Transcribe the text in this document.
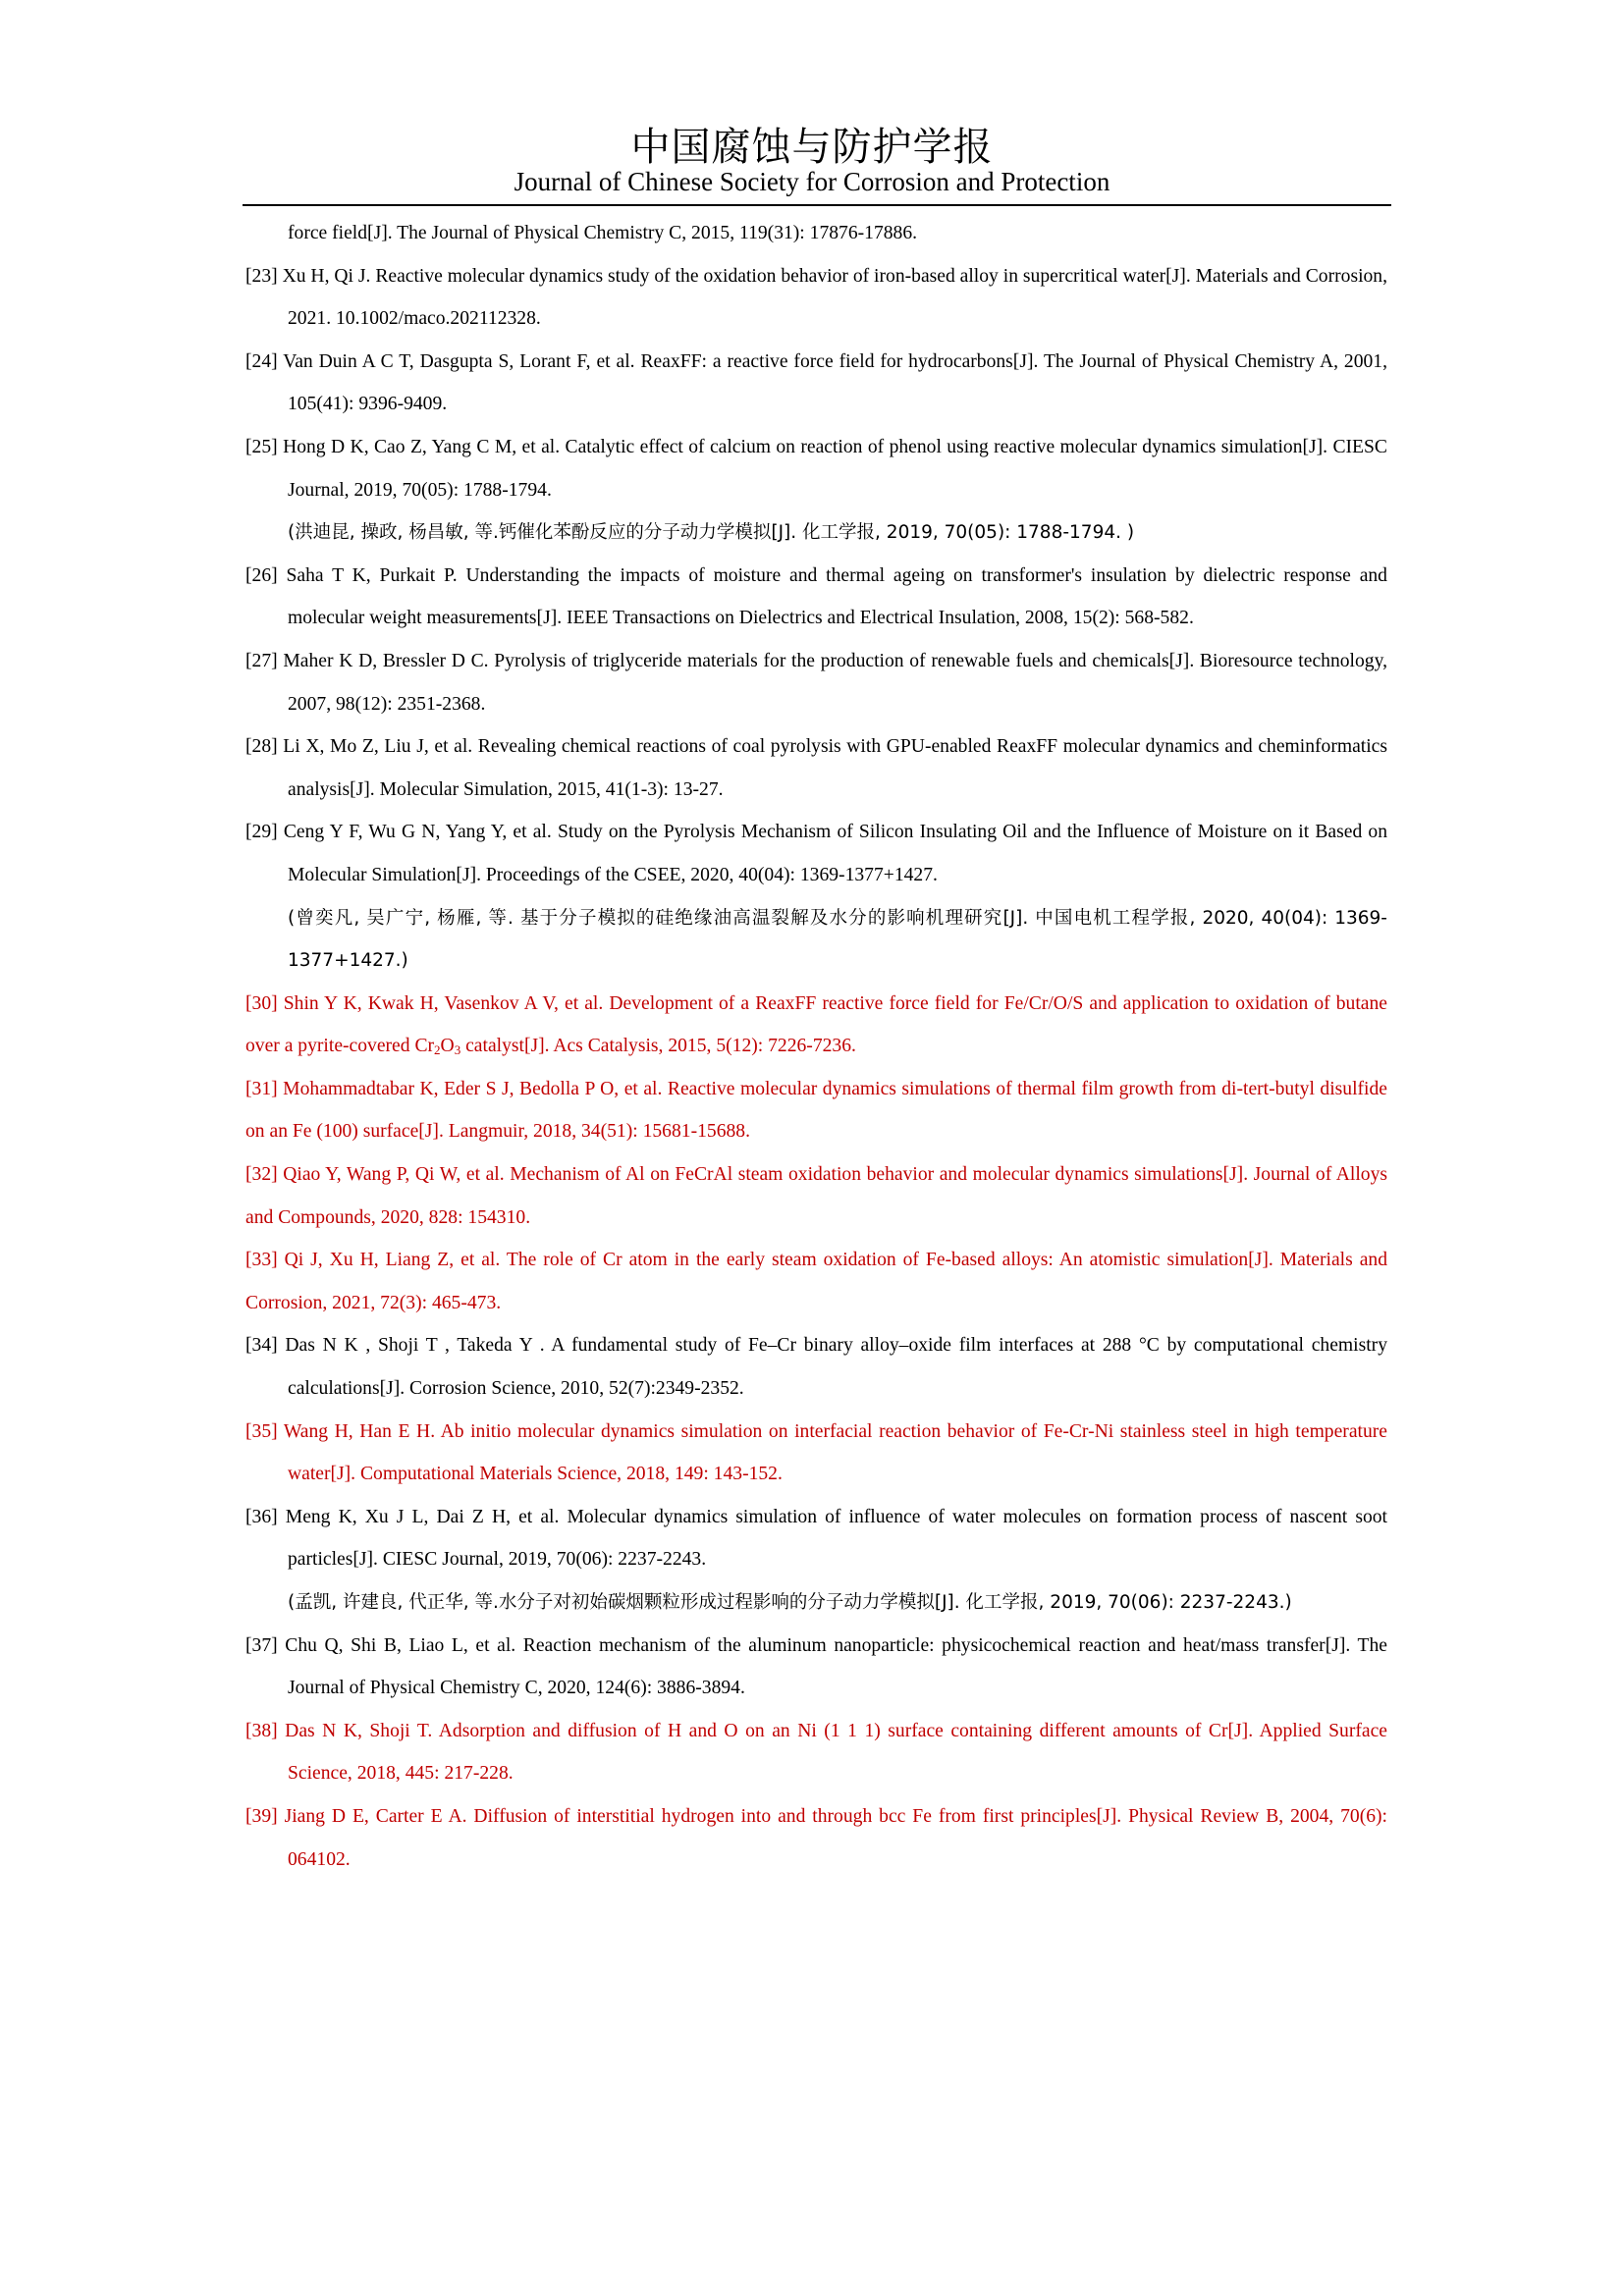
中国腐蚀与防护学报
Journal of Chinese Society for Corrosion and Protection
force field[J]. The Journal of Physical Chemistry C, 2015, 119(31): 17876-17886.
[23] Xu H, Qi J. Reactive molecular dynamics study of the oxidation behavior of iron‐based alloy in supercritical water[J]. Materials and Corrosion, 2021. 10.1002/maco.202112328.
[24] Van Duin A C T, Dasgupta S, Lorant F, et al. ReaxFF: a reactive force field for hydrocarbons[J]. The Journal of Physical Chemistry A, 2001, 105(41): 9396-9409.
[25] Hong D K, Cao Z, Yang C M, et al. Catalytic effect of calcium on reaction of phenol using reactive molecular dynamics simulation[J]. CIESC Journal, 2019, 70(05): 1788-1794.
(洪迪昆, 操政, 杨昌敏, 等.钙催化苯酚反应的分子动力学模拟[J]. 化工学报, 2019, 70(05): 1788-1794. )
[26] Saha T K, Purkait P. Understanding the impacts of moisture and thermal ageing on transformer's insulation by dielectric response and molecular weight measurements[J]. IEEE Transactions on Dielectrics and Electrical Insulation, 2008, 15(2): 568-582.
[27] Maher K D, Bressler D C. Pyrolysis of triglyceride materials for the production of renewable fuels and chemicals[J]. Bioresource technology, 2007, 98(12): 2351-2368.
[28] Li X, Mo Z, Liu J, et al. Revealing chemical reactions of coal pyrolysis with GPU-enabled ReaxFF molecular dynamics and cheminformatics analysis[J]. Molecular Simulation, 2015, 41(1-3): 13-27.
[29] Ceng Y F, Wu G N, Yang Y, et al. Study on the Pyrolysis Mechanism of Silicon Insulating Oil and the Influence of Moisture on it Based on Molecular Simulation[J]. Proceedings of the CSEE, 2020, 40(04): 1369-1377+1427.
(曾奕凡, 吴广宁, 杨雁, 等. 基于分子模拟的硅绝缘油高温裂解及水分的影响机理研究[J]. 中国电机工程学报, 2020, 40(04): 1369-1377+1427.)
[30] Shin Y K, Kwak H, Vasenkov A V, et al. Development of a ReaxFF reactive force field for Fe/Cr/O/S and application to oxidation of butane over a pyrite-covered $Cr_2O_3$ catalyst[J]. Acs Catalysis, 2015, 5(12): 7226-7236.
[31] Mohammadtabar K, Eder S J, Bedolla P O, et al. Reactive molecular dynamics simulations of thermal film growth from di-tert-butyl disulfide on an Fe (100) surface[J]. Langmuir, 2018, 34(51): 15681-15688.
[32] Qiao Y, Wang P, Qi W, et al. Mechanism of Al on FeCrAl steam oxidation behavior and molecular dynamics simulations[J]. Journal of Alloys and Compounds, 2020, 828: 154310.
[33] Qi J, Xu H, Liang Z, et al. The role of Cr atom in the early steam oxidation of Fe‐based alloys: An atomistic simulation[J]. Materials and Corrosion, 2021, 72(3): 465-473.
[34] Das N K , Shoji T , Takeda Y . A fundamental study of Fe–Cr binary alloy–oxide film interfaces at 288 °C by computational chemistry calculations[J]. Corrosion Science, 2010, 52(7):2349-2352.
[35] Wang H, Han E H. Ab initio molecular dynamics simulation on interfacial reaction behavior of Fe-Cr-Ni stainless steel in high temperature water[J]. Computational Materials Science, 2018, 149: 143-152.
[36] Meng K, Xu J L, Dai Z H, et al. Molecular dynamics simulation of influence of water molecules on formation process of nascent soot particles[J]. CIESC Journal, 2019, 70(06): 2237-2243.
(孟凯, 许建良, 代正华, 等.水分子对初始碳烟颗粒形成过程影响的分子动力学模拟[J]. 化工学报, 2019, 70(06): 2237-2243.)
[37] Chu Q, Shi B, Liao L, et al. Reaction mechanism of the aluminum nanoparticle: physicochemical reaction and heat/mass transfer[J]. The Journal of Physical Chemistry C, 2020, 124(6): 3886-3894.
[38] Das N K, Shoji T. Adsorption and diffusion of H and O on an Ni (1 1 1) surface containing different amounts of Cr[J]. Applied Surface Science, 2018, 445: 217-228.
[39] Jiang D E, Carter E A. Diffusion of interstitial hydrogen into and through bcc Fe from first principles[J]. Physical Review B, 2004, 70(6): 064102.
